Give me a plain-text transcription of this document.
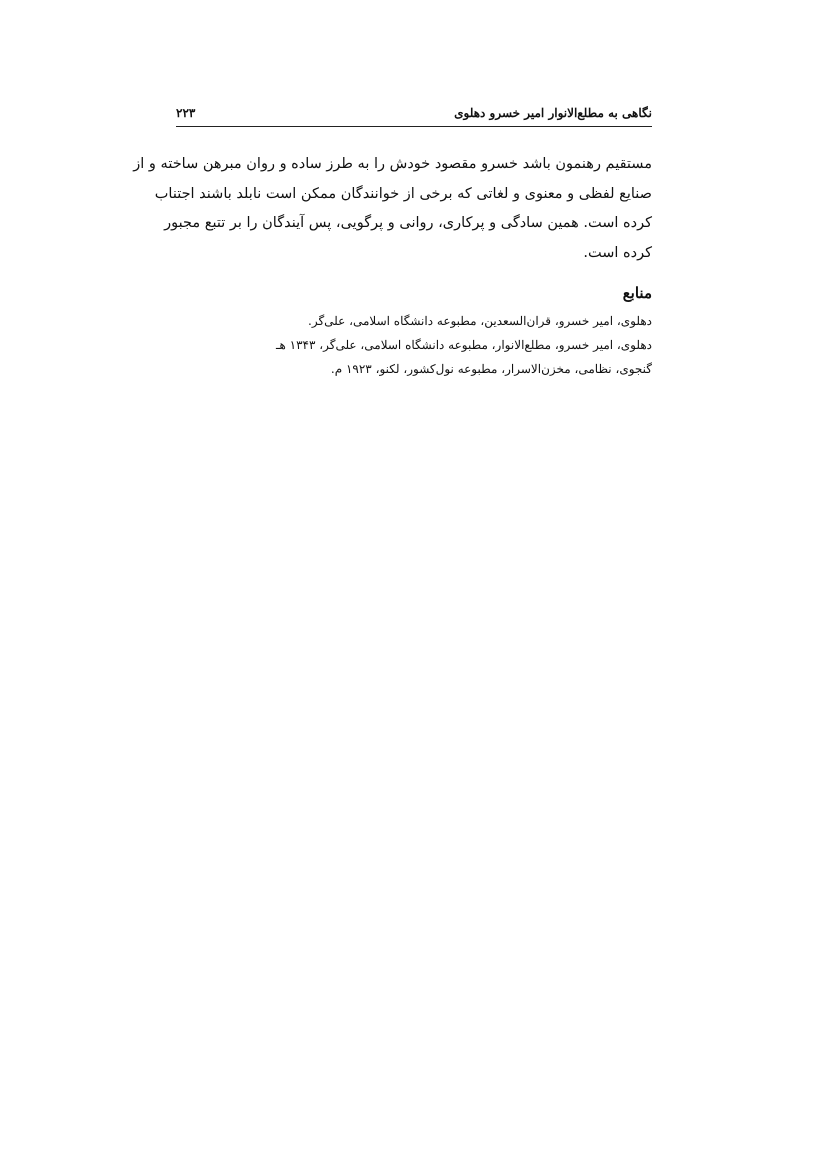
نگاهی به مطلع‌الانوار امیر خسرو دهلوی
۲۲۳
مستقیم رهنمون باشد خسرو مقصود خودش را به طرز ساده و روان مبرهن ساخته و از
صنایع لفظی و معنوی و لغاتی که برخی از خوانندگان ممکن است نابلد باشند اجتناب
کرده است. همین سادگی و پرکاری، روانی و پرگویی، پس آیندگان را بر تتبع مجبور
کرده است.
منابع
دهلوی، امیر خسرو، قران‌السعدین، مطبوعه دانشگاه اسلامی، علی‌گر.
دهلوی، امیر خسرو، مطلع‌الانوار، مطبوعه دانشگاه اسلامی، علی‌گر، ۱۳۴۳ هـ
گنجوی، نظامی، مخزن‌الاسرار، مطبوعه نول‌کشور، لکنو، ۱۹۲۳ م.
